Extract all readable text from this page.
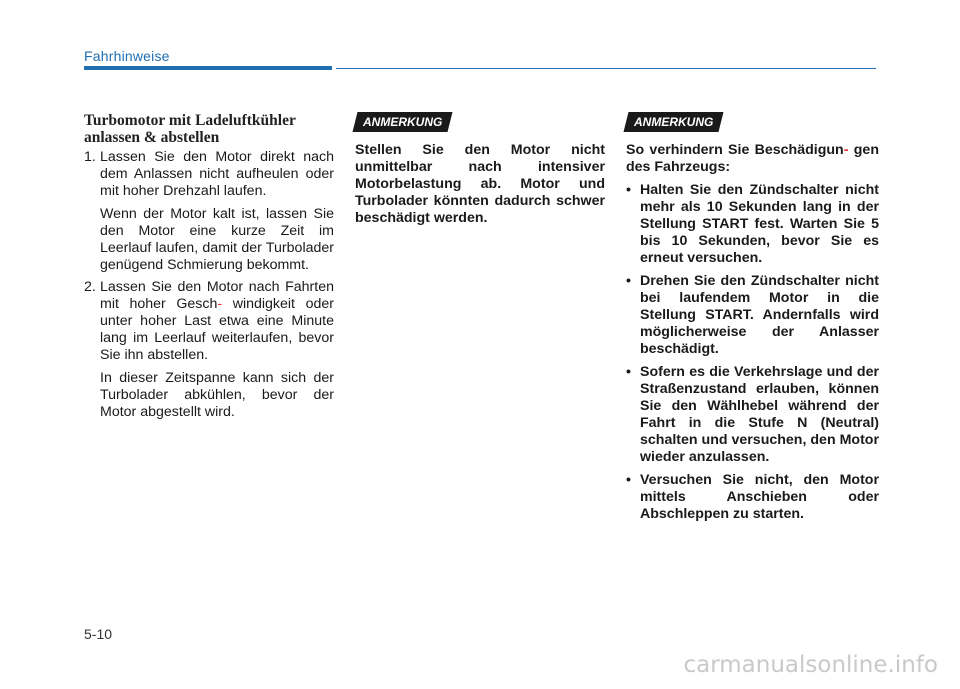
Fahrhinweise
Turbomotor mit Ladeluftkühler
anlassen & abstellen
1. Lassen Sie den Motor direkt nach dem Anlassen nicht aufheulen oder mit hoher Drehzahl laufen.
Wenn der Motor kalt ist, lassen Sie den Motor eine kurze Zeit im Leerlauf laufen, damit der Turbolader genügend Schmierung bekommt.
2. Lassen Sie den Motor nach Fahrten mit hoher Gesch- windigkeit oder unter hoher Last etwa eine Minute lang im Leerlauf weiterlaufen, bevor Sie ihn abstellen.
In dieser Zeitspanne kann sich der Turbolader abkühlen, bevor der Motor abgestellt wird.
ANMERKUNG
Stellen Sie den Motor nicht unmittelbar nach intensiver Motorbelastung ab. Motor und Turbolader könnten dadurch schwer beschädigt werden.
ANMERKUNG
So verhindern Sie Beschädigun- gen des Fahrzeugs:
• Halten Sie den Zündschalter nicht mehr als 10 Sekunden lang in der Stellung START fest. Warten Sie 5 bis 10 Sekunden, bevor Sie es erneut versuchen.
• Drehen Sie den Zündschalter nicht bei laufendem Motor in die Stellung START. Andernfalls wird möglicherweise der Anlasser beschädigt.
• Sofern es die Verkehrslage und der Straßenzustand erlauben, können Sie den Wählhebel während der Fahrt in die Stufe N (Neutral) schalten und versuchen, den Motor wieder anzulassen.
• Versuchen Sie nicht, den Motor mittels Anschieben oder Abschleppen zu starten.
5-10
carmanualsonline.info
